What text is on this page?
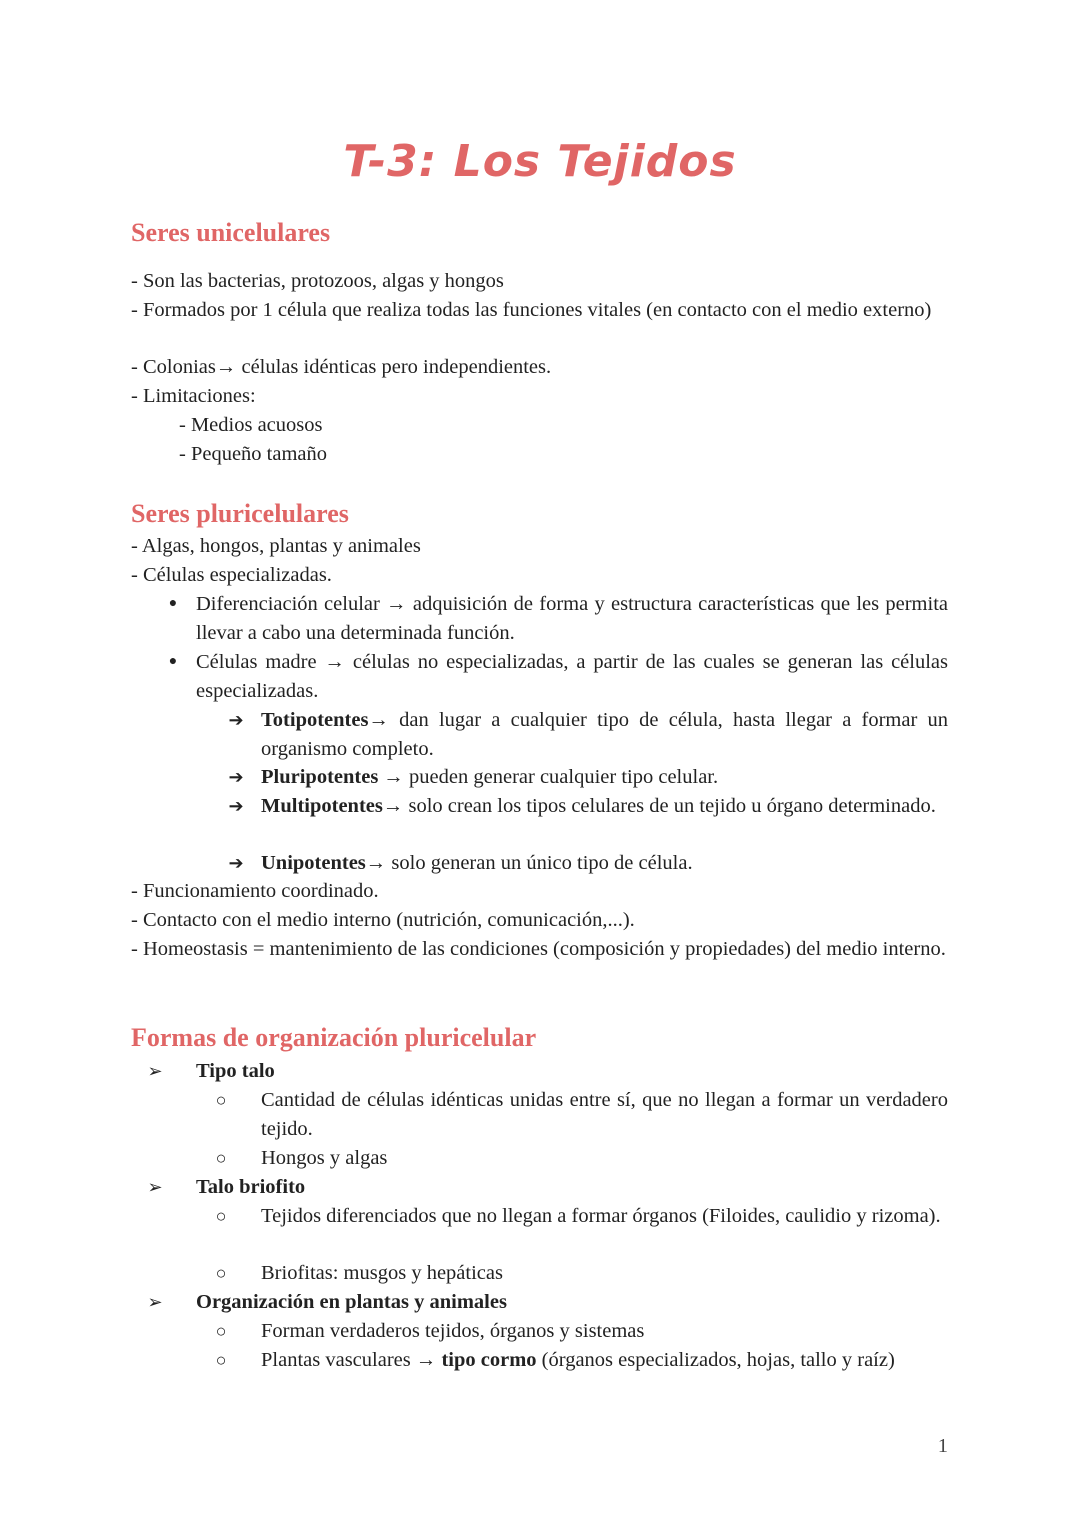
T-3: Los Tejidos
Seres unicelulares

- Son las bacterias, protozoos, algas y hongos

- Formados por 1 célula que realiza todas las funciones vitales (en contacto con el medio externo)

- Colonias→ células idénticas pero independientes.

- Limitaciones:

- Medios acuosos

- Pequeño tamaño

Seres pluricelulares

- Algas, hongos, plantas y animales

- Células especializadas.

● Diferenciación celular → adquisición de forma y estructura características que les permita llevar a cabo una determinada función.

● Células madre → células no especializadas, a partir de las cuales se generan las células especializadas.

➔ Totipotentes→ dan lugar a cualquier tipo de célula, hasta llegar a formar un organismo completo.

➔ Pluripotentes → pueden generar cualquier tipo celular.

➔ Multipotentes→ solo crean los tipos celulares de un tejido u órgano determinado.

➔ Unipotentes→ solo generan un único tipo de célula.

- Funcionamiento coordinado.

- Contacto con el medio interno (nutrición, comunicación,...).

- Homeostasis = mantenimiento de las condiciones (composición y propiedades) del medio interno.

Formas de organización pluricelular
➢ Tipo talo

○ Cantidad de células idénticas unidas entre sí, que no llegan a formar un verdadero tejido.

○ Hongos y algas

➢ Talo briofito

○ Tejidos diferenciados que no llegan a formar órganos (Filoides, caulidio y rizoma).

○ Briofitas: musgos y hepáticas

➢ Organización en plantas y animales

○ Forman verdaderos tejidos, órganos y sistemas

○ Plantas vasculares → tipo cormo (órganos especializados, hojas, tallo y raíz)

1
